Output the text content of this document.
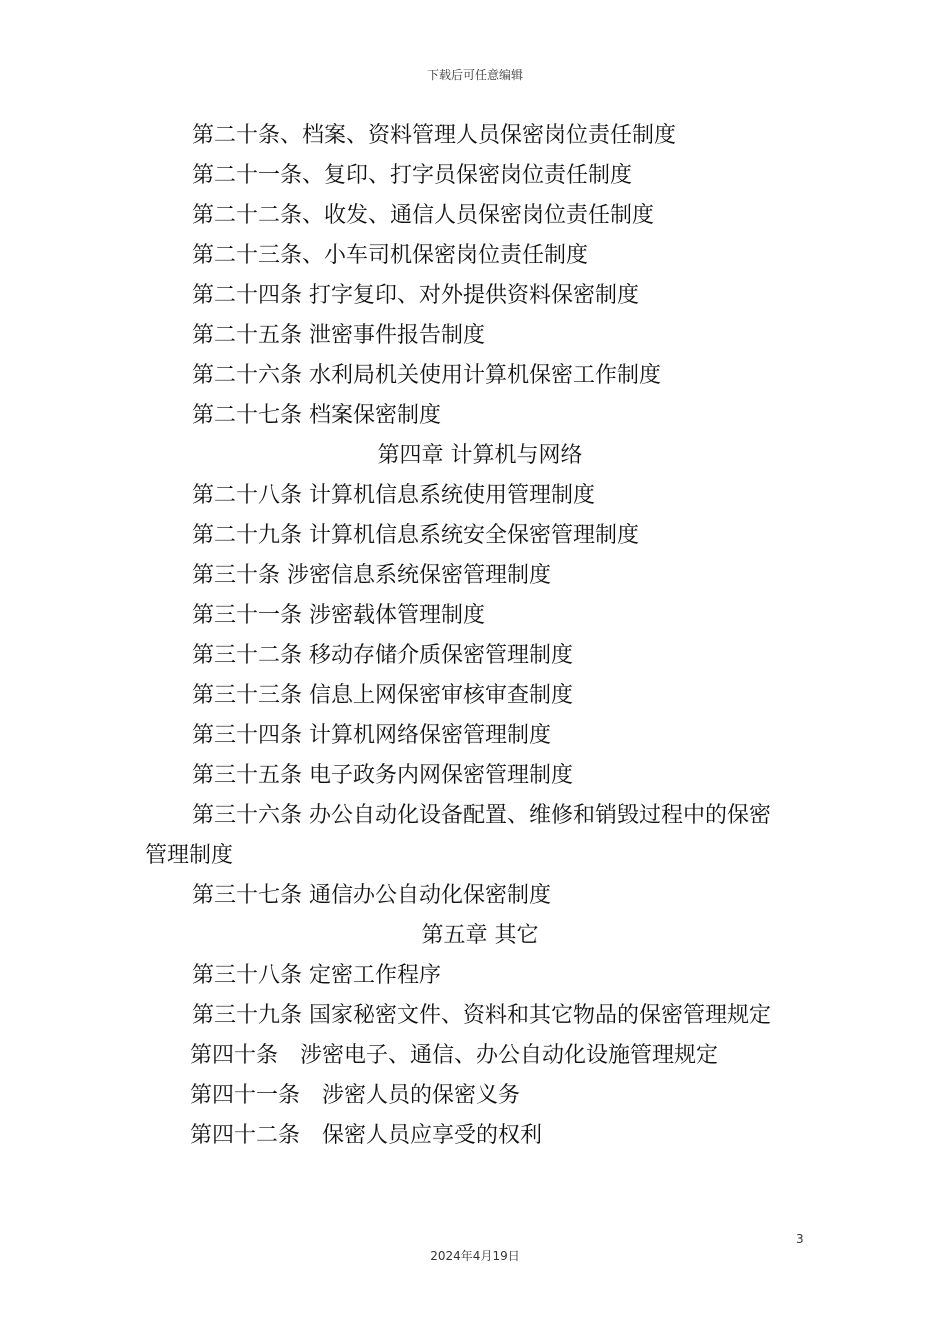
下载后可任意编辑
第二十条、档案、资料管理人员保密岗位责任制度
第二十一条、复印、打字员保密岗位责任制度
第二十二条、收发、通信人员保密岗位责任制度
第二十三条、小车司机保密岗位责任制度
第二十四条 打字复印、对外提供资料保密制度
第二十五条 泄密事件报告制度
第二十六条 水利局机关使用计算机保密工作制度
第二十七条 档案保密制度
第四章 计算机与网络
第二十八条 计算机信息系统使用管理制度
第二十九条 计算机信息系统安全保密管理制度
第三十条 涉密信息系统保密管理制度
第三十一条 涉密载体管理制度
第三十二条 移动存储介质保密管理制度
第三十三条 信息上网保密审核审查制度
第三十四条 计算机网络保密管理制度
第三十五条 电子政务内网保密管理制度
第三十六条 办公自动化设备配置、维修和销毁过程中的保密
管理制度
第三十七条 通信办公自动化保密制度
第五章 其它
第三十八条 定密工作程序
第三十九条 国家秘密文件、资料和其它物品的保密管理规定
第四十条　涉密电子、通信、办公自动化设施管理规定
第四十一条　涉密人员的保密义务
第四十二条　保密人员应享受的权利
3
2024年4月19日
